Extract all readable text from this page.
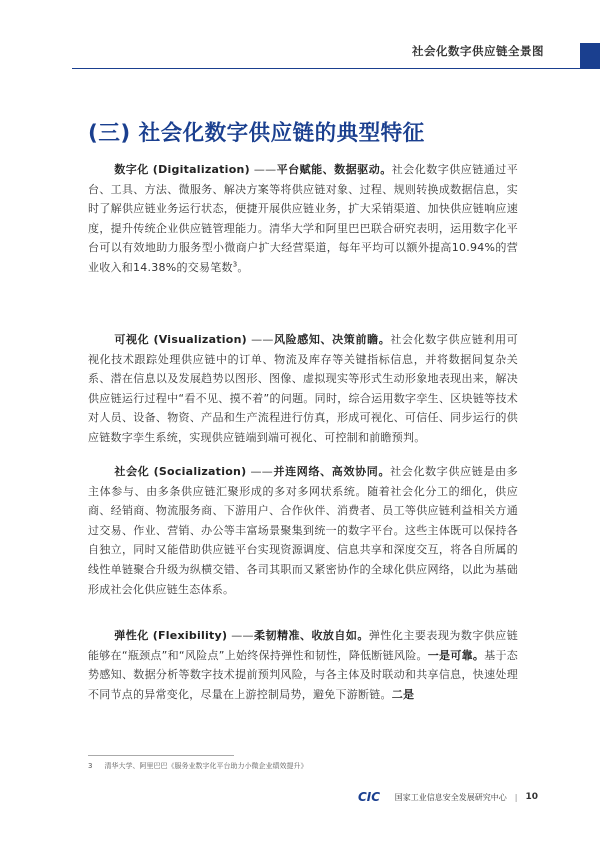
社会化数字供应链全景图
(三) 社会化数字供应链的典型特征

数字化 (Digitalization) ——平台赋能、数据驱动。社会化数字供应链通过平台、工具、方法、微服务、解决方案等将供应链对象、过程、规则转换成数据信息，实时了解供应链业务运行状态，便捷开展供应链业务，扩大采销渠道、加快供应链响应速度，提升传统企业供应链管理能力。清华大学和阿里巴巴联合研究表明，运用数字化平台可以有效地助力服务型小微商户扩大经营渠道，每年平均可以额外提高10.94%的营业收入和14.38%的交易笔数$^3$。

可视化 (Visualization) ——风险感知、决策前瞻。社会化数字供应链利用可视化技术跟踪处理供应链中的订单、物流及库存等关键指标信息，并将数据间复杂关系、潜在信息以及发展趋势以图形、图像、虚拟现实等形式生动形象地表现出来，解决供应链运行过程中“看不见、摸不着”的问题。同时，综合运用数字孪生、区块链等技术对人员、设备、物资、产品和生产流程进行仿真，形成可视化、可信任、同步运行的供应链数字孪生系统，实现供应链端到端可视化、可控制和前瞻预判。

社会化 (Socialization) ——并连网络、高效协同。社会化数字供应链是由多主体参与、由多条供应链汇聚形成的多对多网状系统。随着社会化分工的细化，供应商、经销商、物流服务商、下游用户、合作伙伴、消费者、员工等供应链利益相关方通过交易、作业、营销、办公等丰富场景聚集到统一的数字平台。这些主体既可以保持各自独立，同时又能借助供应链平台实现资源调度、信息共享和深度交互，将各自所属的线性单链聚合升级为纵横交错、各司其职而又紧密协作的全球化供应网络，以此为基础形成社会化供应链生态体系。

弹性化 (Flexibility) ——柔韧精准、收放自如。弹性化主要表现为数字供应链能够在“瓶颈点”和“风险点”上始终保持弹性和韧性，降低断链风险。一是可靠。基于态势感知、数据分析等数字技术提前预判风险，与各主体及时联动和共享信息，快速处理不同节点的异常变化，尽量在上游控制局势，避免下游断链。二是

3 清华大学、阿里巴巴《服务业数字化平台助力小微企业绩效提升》
CIC 国家工业信息安全发展研究中心 | 10
